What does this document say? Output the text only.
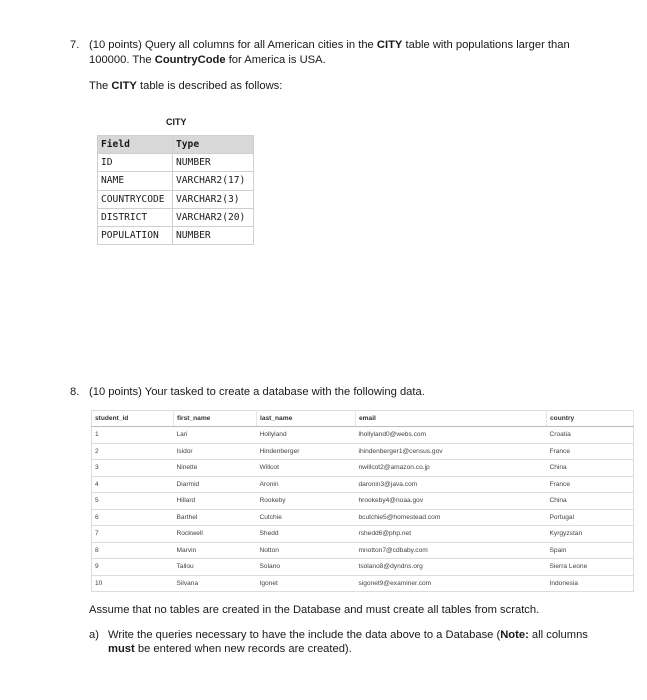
7. (10 points) Query all columns for all American cities in the CITY table with populations larger than 100000. The CountryCode for America is USA.
The CITY table is described as follows:
CITY
Field	Type
ID	NUMBER
NAME	VARCHAR2(17)
COUNTRYCODE	VARCHAR2(3)
DISTRICT	VARCHAR2(20)
POPULATION	NUMBER
8. (10 points) Your tasked to create a database with the following data.
student_id	first_name	last_name	email	country
1	Lari	Hollyland	lhollyland0@webs.com	Croatia
2	Isidor	Hindenberger	ihindenberger1@census.gov	France
3	Ninette	Willcot	nwillcot2@amazon.co.jp	China
4	Diarmid	Aronin	daronin3@java.com	France
5	Hillard	Rookeby	hrookeby4@noaa.gov	China
6	Barthel	Cutchie	bcutchie5@homestead.com	Portugal
7	Rockwell	Shedd	rshedd6@php.net	Kyrgyzstan
8	Marvin	Notton	mnotton7@cdbaby.com	Spain
9	Tallou	Solano	tsolano8@dyndns.org	Sierra Leone
10	Silvana	Igonet	sigonet9@examiner.com	Indonesia
Assume that no tables are created in the Database and must create all tables from scratch.
a) Write the queries necessary to have the include the data above to a Database (Note: all columns must be entered when new records are created).
